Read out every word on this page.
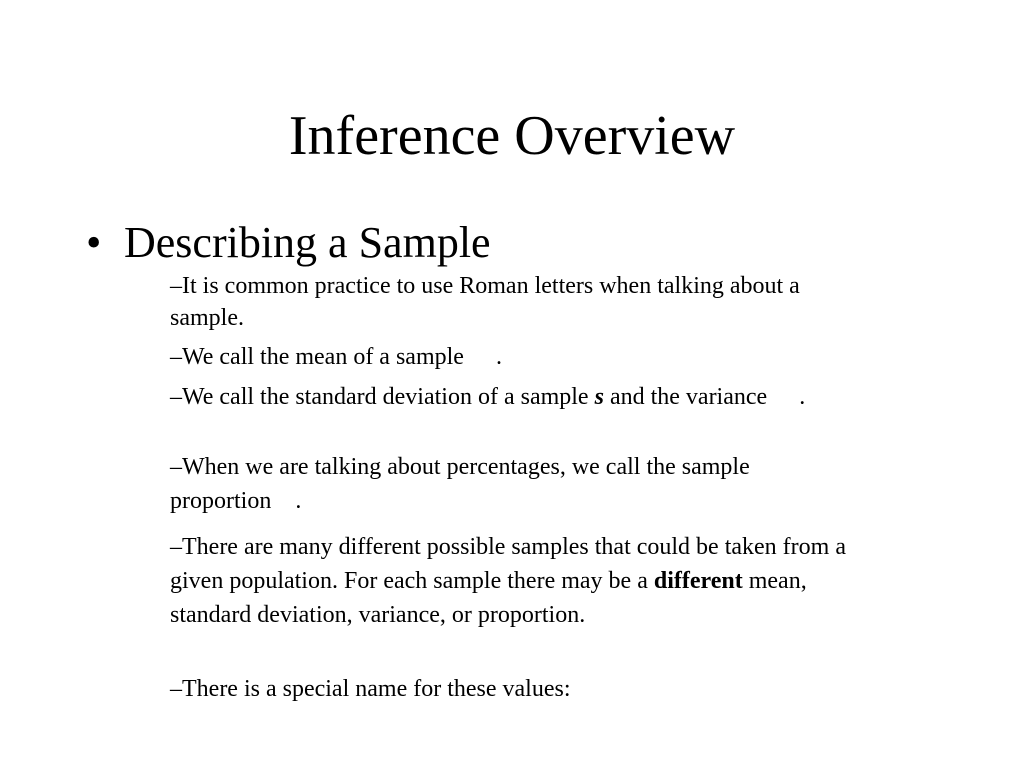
Inference Overview
• Describing a Sample
–It is common practice to use Roman letters when talking about a sample.
–We call the mean of a sample .
–We call the standard deviation of a sample s and the variance .
–When we are talking about percentages, we call the sample proportion .
–There are many different possible samples that could be taken from a given population. For each sample there may be a different mean, standard deviation, variance, or proportion.
–There is a special name for these values:
